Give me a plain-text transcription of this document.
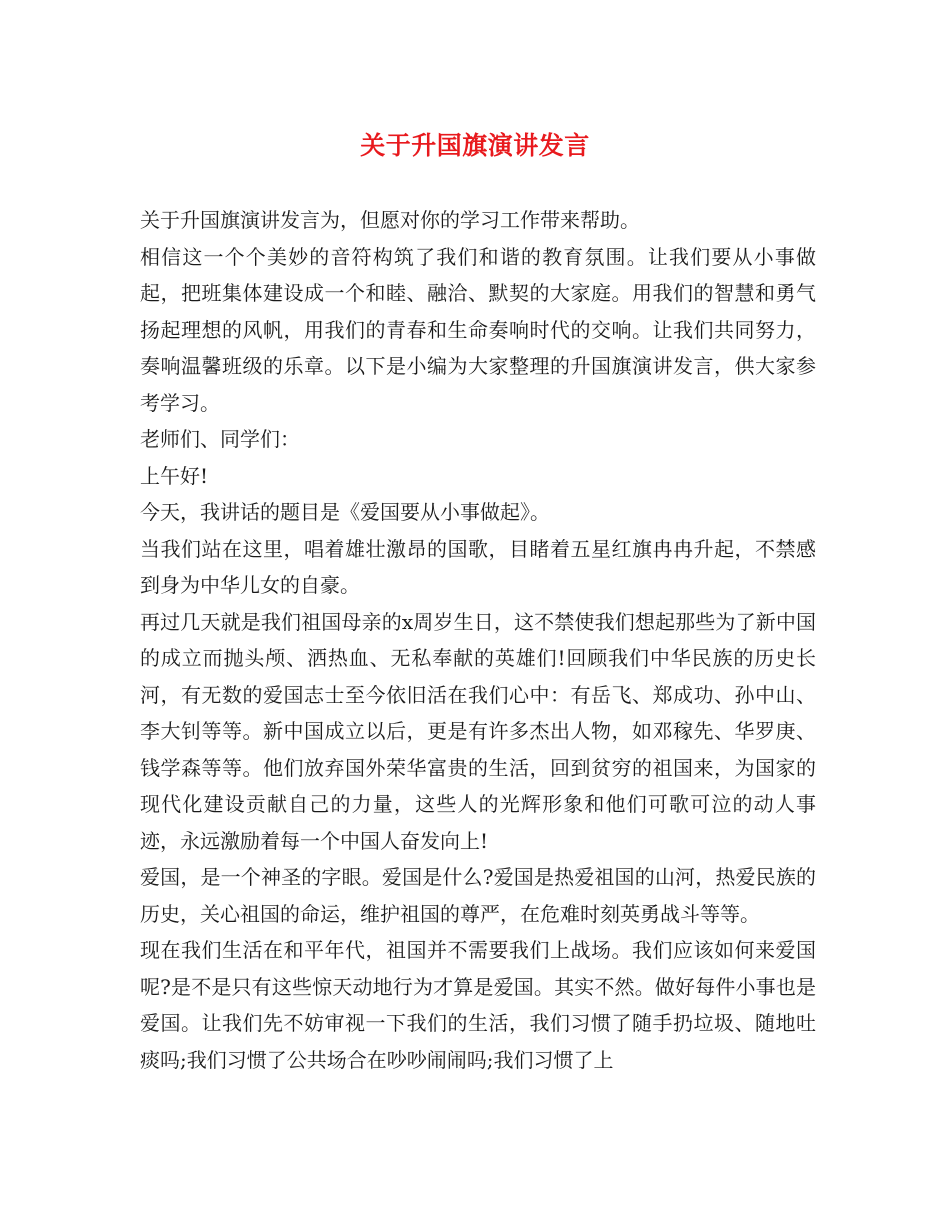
关于升国旗演讲发言

关于升国旗演讲发言为，但愿对你的学习工作带来帮助。

相信这一个个美妙的音符构筑了我们和谐的教育氛围。让我们要从小事做起，把班集体建设成一个和睦、融洽、默契的大家庭。用我们的智慧和勇气扬起理想的风帆，用我们的青春和生命奏响时代的交响。让我们共同努力，奏响温馨班级的乐章。以下是小编为大家整理的升国旗演讲发言，供大家参考学习。

老师们、同学们：

上午好!

今天，我讲话的题目是《爱国要从小事做起》。

当我们站在这里，唱着雄壮激昂的国歌，目睹着五星红旗冉冉升起，不禁感到身为中华儿女的自豪。

再过几天就是我们祖国母亲的x周岁生日，这不禁使我们想起那些为了新中国的成立而抛头颅、洒热血、无私奉献的英雄们!回顾我们中华民族的历史长河，有无数的爱国志士至今依旧活在我们心中：有岳飞、郑成功、孙中山、李大钊等等。新中国成立以后，更是有许多杰出人物，如邓稼先、华罗庚、钱学森等等。他们放弃国外荣华富贵的生活，回到贫穷的祖国来，为国家的现代化建设贡献自己的力量，这些人的光辉形象和他们可歌可泣的动人事迹，永远激励着每一个中国人奋发向上!

爱国，是一个神圣的字眼。爱国是什么?爱国是热爱祖国的山河，热爱民族的历史，关心祖国的命运，维护祖国的尊严，在危难时刻英勇战斗等等。

现在我们生活在和平年代，祖国并不需要我们上战场。我们应该如何来爱国呢?是不是只有这些惊天动地行为才算是爱国。其实不然。做好每件小事也是爱国。让我们先不妨审视一下我们的生活，我们习惯了随手扔垃圾、随地吐痰吗;我们习惯了公共场合在吵吵闹闹吗;我们习惯了上
